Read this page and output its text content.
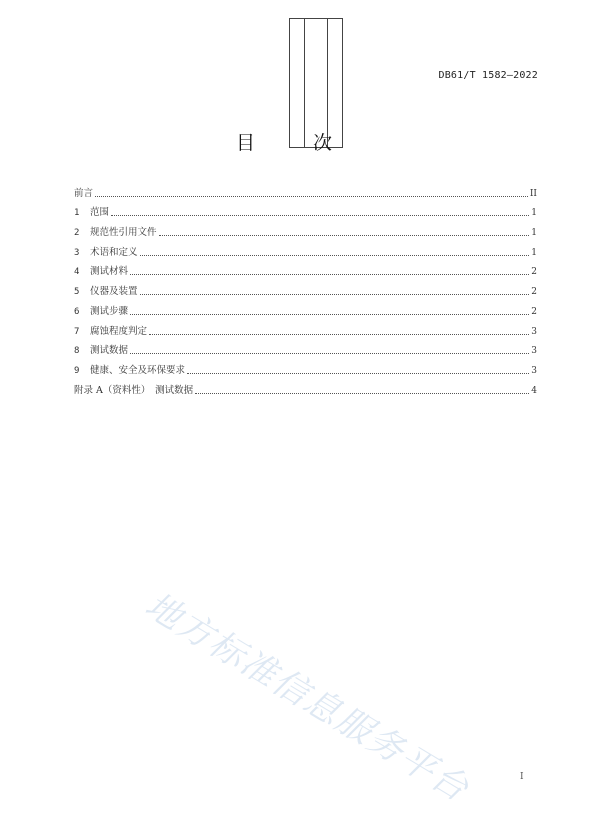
DB61/T 1582—2022
目 次
前言	II
1	范围	1
2	规范性引用文件	1
3	术语和定义	1
4	测试材料	2
5	仪器及装置	2
6	测试步骤	2
7	腐蚀程度判定	3
8	测试数据	3
9	健康、安全及环保要求	3
附录 A（资料性）　测试数据	4
地方标准信息服务平台	I
